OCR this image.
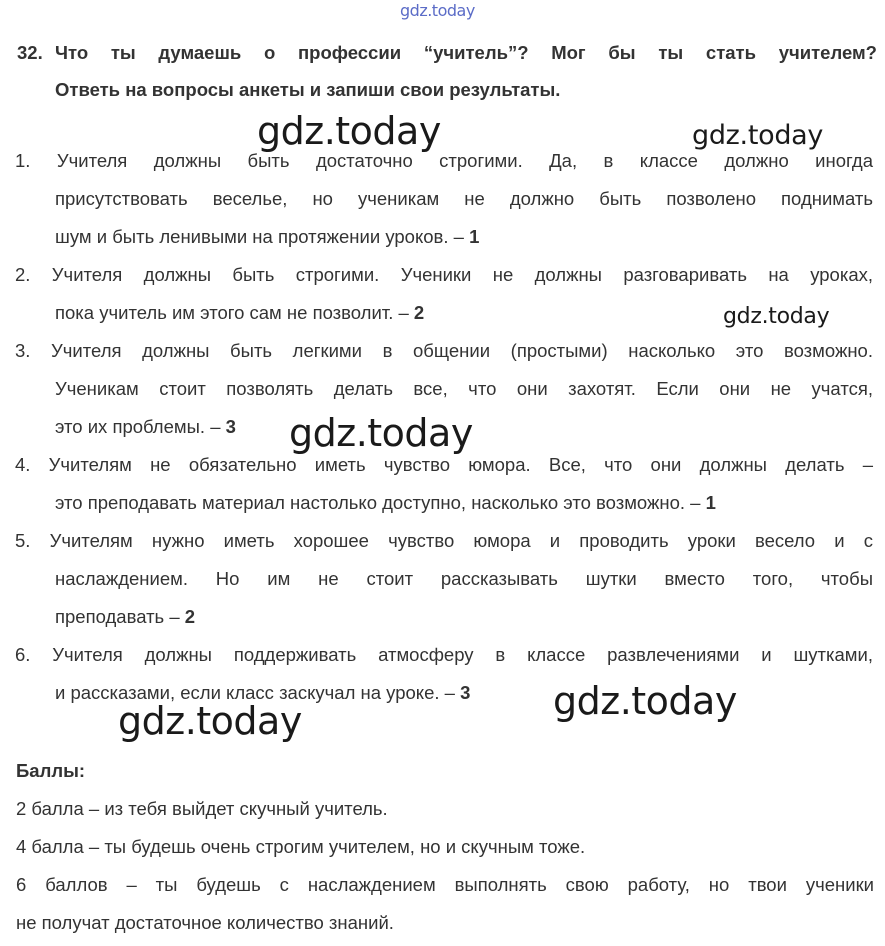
gdz.today
gdz.today	gdz.today
gdz.today
gdz.today
gdz.today
gdz.today
32. Что ты думаешь о профессии “учитель”? Мог бы ты стать учителем?
Ответь на вопросы анкеты и запиши свои результаты.
1. Учителя должны быть достаточно строгими. Да, в классе должно иногда
присутствовать веселье, но ученикам не должно быть позволено поднимать
шум и быть ленивыми на протяжении уроков. – 1
2. Учителя должны быть строгими. Ученики не должны разговаривать на уроках,
пока учитель им этого сам не позволит. – 2
3. Учителя должны быть легкими в общении (простыми) насколько это возможно.
Ученикам стоит позволять делать все, что они захотят. Если они не учатся,
это их проблемы. – 3
4. Учителям не обязательно иметь чувство юмора. Все, что они должны делать –
это преподавать материал настолько доступно, насколько это возможно. – 1
5. Учителям нужно иметь хорошее чувство юмора и проводить уроки весело и с
наслаждением. Но им не стоит рассказывать шутки вместо того, чтобы
преподавать – 2
6. Учителя должны поддерживать атмосферу в классе развлечениями и шутками,
и рассказами, если класс заскучал на уроке. – 3
Баллы:
2 балла – из тебя выйдет скучный учитель.
4 балла – ты будешь очень строгим учителем, но и скучным тоже.
6 баллов – ты будешь с наслаждением выполнять свою работу, но твои ученики
не получат достаточное количество знаний.
